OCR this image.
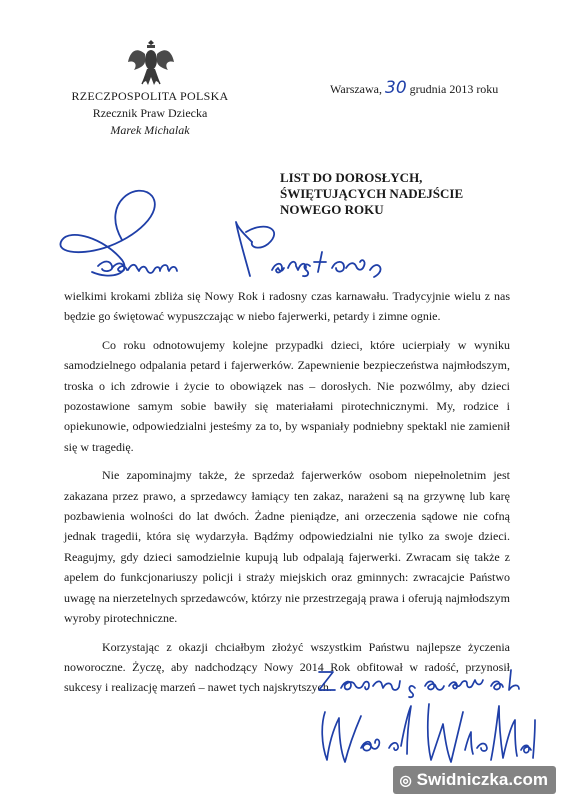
RZECZPOSPOLITA POLSKA
Rzecznik Praw Dziecka
Marek Michalak
Warszawa, 30 grudnia 2013 roku
LIST DO DOROSŁYCH,
ŚWIĘTUJĄCYCH NADEJŚCIE
NOWEGO ROKU

wielkimi krokami zbliża się Nowy Rok i radosny czas karnawału. Tradycyjnie wielu z nas będzie go świętować wypuszczając w niebo fajerwerki, petardy i zimne ognie.

Co roku odnotowujemy kolejne przypadki dzieci, które ucierpiały w wyniku samodzielnego odpalania petard i fajerwerków. Zapewnienie bezpieczeństwa najmłodszym, troska o ich zdrowie i życie to obowiązek nas – dorosłych. Nie pozwólmy, aby dzieci pozostawione samym sobie bawiły się materiałami pirotechnicznymi. My, rodzice i opiekunowie, odpowiedzialni jesteśmy za to, by wspaniały podniebny spektakl nie zamienił się w tragedię.

Nie zapominajmy także, że sprzedaż fajerwerków osobom niepełnoletnim jest zakazana przez prawo, a sprzedawcy łamiący ten zakaz, narażeni są na grzywnę lub karę pozbawienia wolności do lat dwóch. Żadne pieniądze, ani orzeczenia sądowe nie cofną jednak tragedii, która się wydarzyła. Bądźmy odpowiedzialni nie tylko za swoje dzieci. Reagujmy, gdy dzieci samodzielnie kupują lub odpalają fajerwerki. Zwracam się także z apelem do funkcjonariuszy policji i straży miejskich oraz gminnych: zwracajcie Państwo uwagę na nierzetelnych sprzedawców, którzy nie przestrzegają prawa i oferują najmłodszym wyroby pirotechniczne.

Korzystając z okazji chciałbym złożyć wszystkim Państwu najlepsze życzenia noworoczne. Życzę, aby nadchodzący Nowy 2014 Rok obfitował w radość, przynosił sukcesy i realizację marzeń – nawet tych najskrytszych.

◎ Swidniczka.com
